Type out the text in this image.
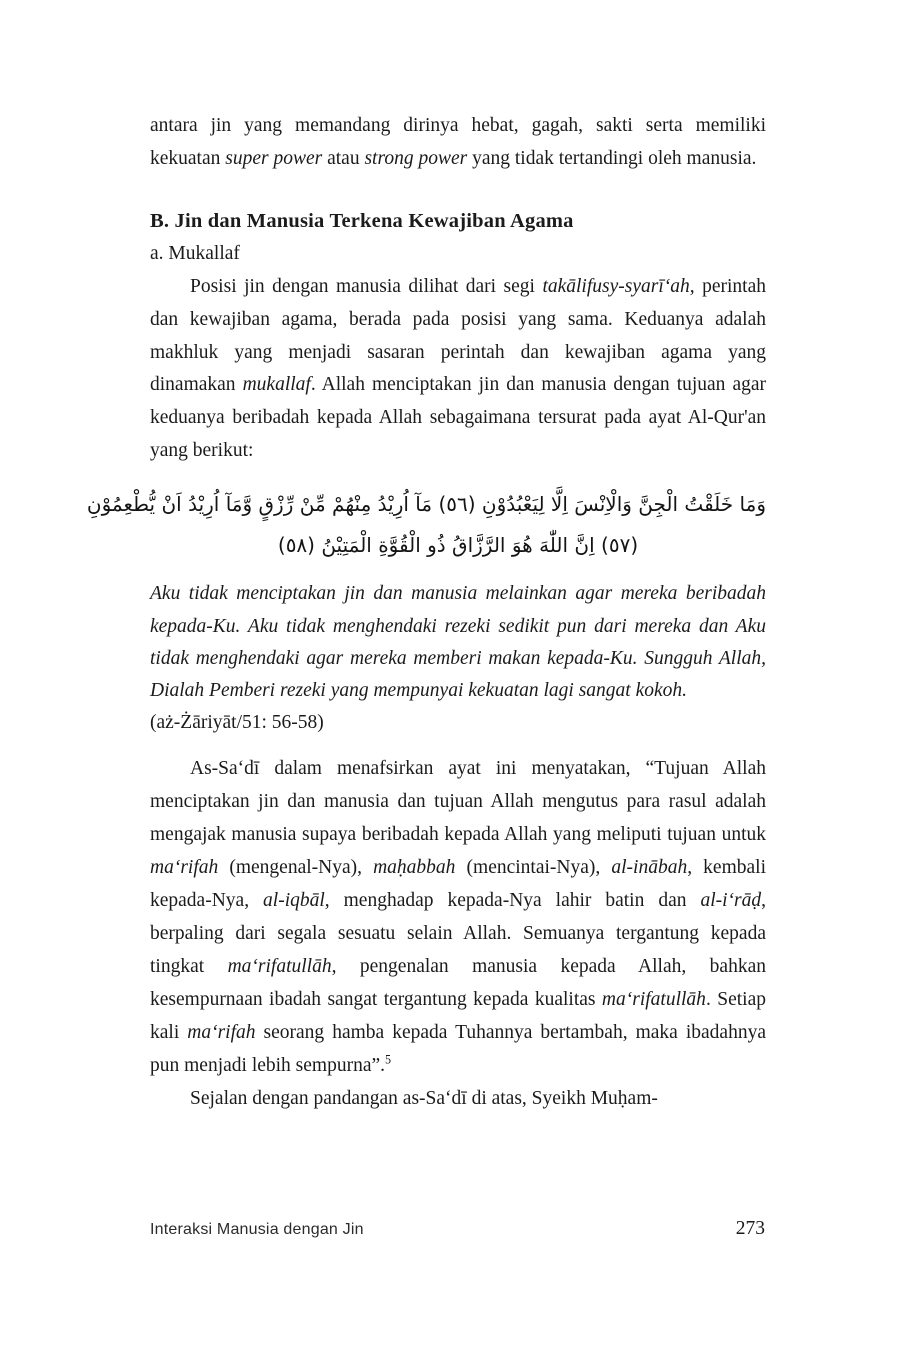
antara jin yang memandang dirinya hebat, gagah, sakti serta memiliki kekuatan super power atau strong power yang tidak tertandingi oleh manusia.

B. Jin dan Manusia Terkena Kewajiban Agama
a. Mukallaf

Posisi jin dengan manusia dilihat dari segi takālifusy-syarī‘ah, perintah dan kewajiban agama, berada pada posisi yang sama. Keduanya adalah makhluk yang menjadi sasaran perintah dan kewajiban agama yang dinamakan mukallaf. Allah menciptakan jin dan manusia dengan tujuan agar keduanya beribadah kepada Allah sebagaimana tersurat pada ayat Al-Qur'an yang berikut:

وَمَا خَلَقْتُ الْجِنَّ وَالْاِنْسَ اِلَّا لِيَعْبُدُوْنِ (٥٦) مَآ اُرِيْدُ مِنْهُمْ مِّنْ رِّزْقٍ وَّمَآ اُرِيْدُ اَنْ يُّطْعِمُوْنِ
(٥٧) اِنَّ اللّٰهَ هُوَ الرَّزَّاقُ ذُو الْقُوَّةِ الْمَتِيْنُ (٥٨)

Aku tidak menciptakan jin dan manusia melainkan agar mereka beribadah kepada-Ku. Aku tidak menghendaki rezeki sedikit pun dari mereka dan Aku tidak menghendaki agar mereka memberi makan kepada-Ku. Sungguh Allah, Dialah Pemberi rezeki yang mempunyai kekuatan lagi sangat kokoh.

(aż-Żāriyāt/51: 56-58)

As-Sa‘dī dalam menafsirkan ayat ini menyatakan, “Tujuan Allah menciptakan jin dan manusia dan tujuan Allah mengutus para rasul adalah mengajak manusia supaya beribadah kepada Allah yang meliputi tujuan untuk ma‘rifah (mengenal-Nya), maḥabbah (mencintai-Nya), al-inābah, kembali kepada-Nya, al-iqbāl, menghadap kepada-Nya lahir batin dan al-i‘rāḍ, berpaling dari segala sesuatu selain Allah. Semuanya tergantung kepada tingkat ma‘rifatullāh, pengenalan manusia kepada Allah, bahkan kesempurnaan ibadah sangat tergantung kepada kualitas ma‘rifatullāh. Setiap kali ma‘rifah seorang hamba kepada Tuhannya bertambah, maka ibadahnya pun menjadi lebih sempurna”.$^5$

Sejalan dengan pandangan as-Sa‘dī di atas, Syeikh Muḥam-

Interaksi Manusia dengan Jin	273
